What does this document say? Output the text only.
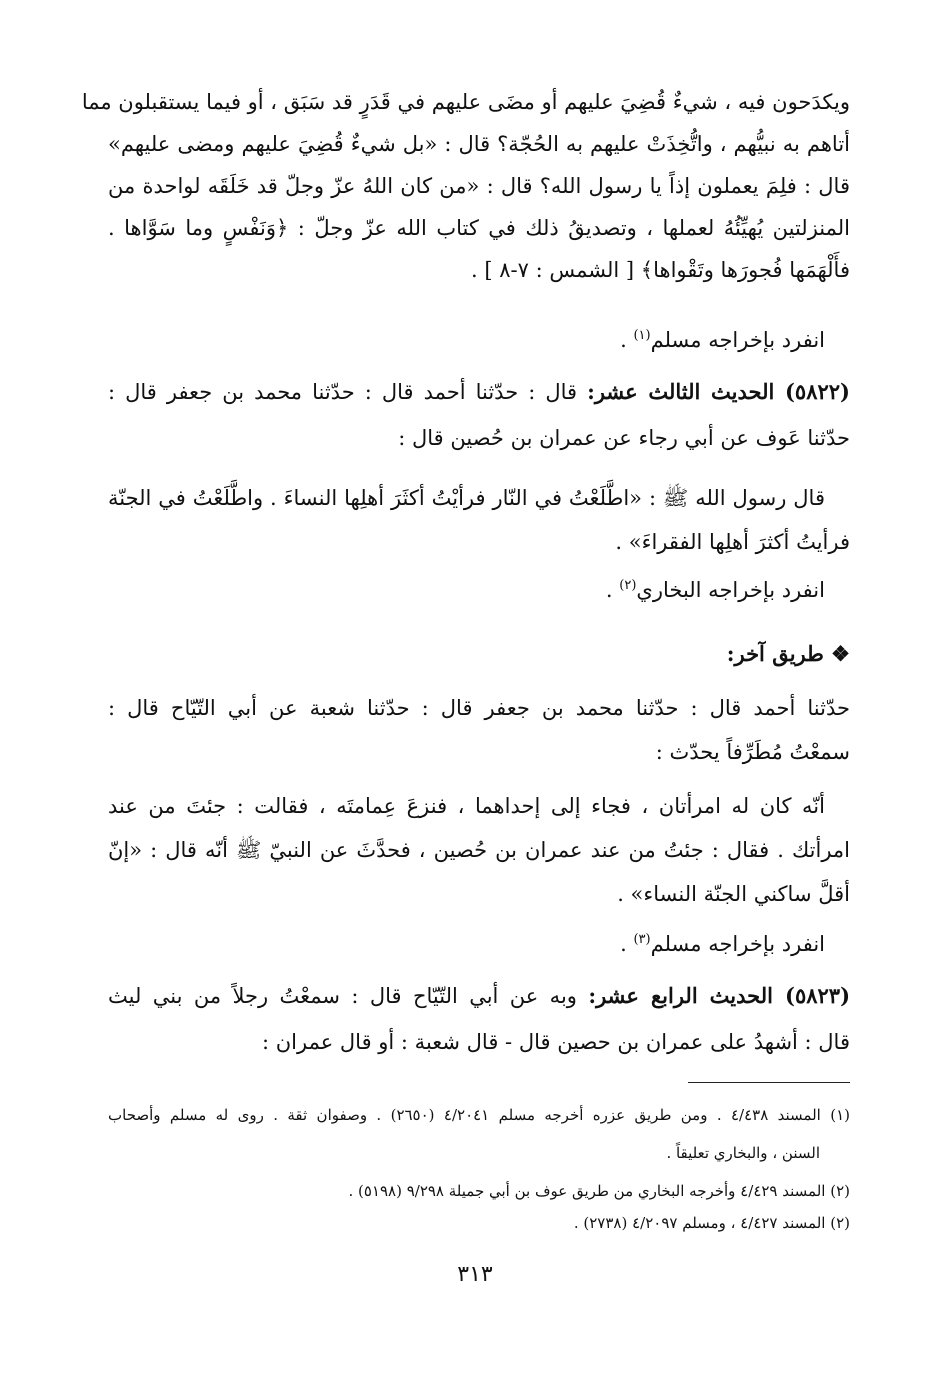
ويكدَحون فيه ، شيءٌ قُضِيَ عليهم أو مضَى عليهم في قَدَرٍ قد سَبَق ، أو فيما يستقبلون مما
أتاهم به نبيُّهم ، واتُّخِذَتْ عليهم به الحُجّة؟ قال : «بل شيءٌ قُضِيَ عليهم ومضى عليهم»
قال : فلِمَ يعملون إذاً يا رسول الله؟ قال : «من كان اللهُ عزّ وجلّ قد خَلَقَه لواحدة من
المنزلتين يُهيِّئُهُ لعملها ، وتصديقُ ذلك في كتاب الله عزّ وجلّ : ﴿وَنَفْسٍ وما سَوَّاها .
فأَلْهَمَها فُجورَها وتَقْواها﴾ [ الشمس : ٧-٨ ] .
انفرد بإخراجه مسلم$^{(١)}$ .
(٥٨٢٢) الحديث الثالث عشر: قال : حدّثنا أحمد قال : حدّثنا محمد بن جعفر قال :
حدّثنا عَوف عن أبي رجاء عن عمران بن حُصين قال :
قال رسول الله ﷺ : «اطَّلَعْتُ في النّار فرأيْتُ أكثَرَ أهلِها النساءَ . واطَّلَعْتُ في الجنّة
فرأيتُ أكثرَ أهلِها الفقراءَ» .
انفرد بإخراجه البخاري$^{(٢)}$ .
❖ طريق آخر:
حدّثنا أحمد قال : حدّثنا محمد بن جعفر قال : حدّثنا شعبة عن أبي التّيّاح قال :
سمعْتُ مُطَرِّفاً يحدّث :
أنّه كان له امرأتان ، فجاء إلى إحداهما ، فنزعَ عِمامتَه ، فقالت : جئتَ من عند
امرأتك . فقال : جئتُ من عند عمران بن حُصين ، فحدَّثَ عن النبيّ ﷺ أنّه قال : «إنّ
أقلَّ ساكني الجنّة النساء» .
انفرد بإخراجه مسلم$^{(٣)}$ .
(٥٨٢٣) الحديث الرابع عشر: وبه عن أبي التّيّاح قال : سمعْتُ رجلاً من بني ليث
قال : أشهدُ على عمران بن حصين قال - قال شعبة : أو قال عمران :
(١) المسند ٤/٤٣٨ . ومن طريق عزره أخرجه مسلم ٤/٢٠٤١ (٢٦٥٠) . وصفوان ثقة . روى له مسلم وأصحاب
السنن ، والبخاري تعليقاً .
(٢) المسند ٤/٤٢٩ وأخرجه البخاري من طريق عوف بن أبي جميلة ٩/٢٩٨ (٥١٩٨) .
(٢) المسند ٤/٤٢٧ ، ومسلم ٤/٢٠٩٧ (٢٧٣٨) .
٣١٣
